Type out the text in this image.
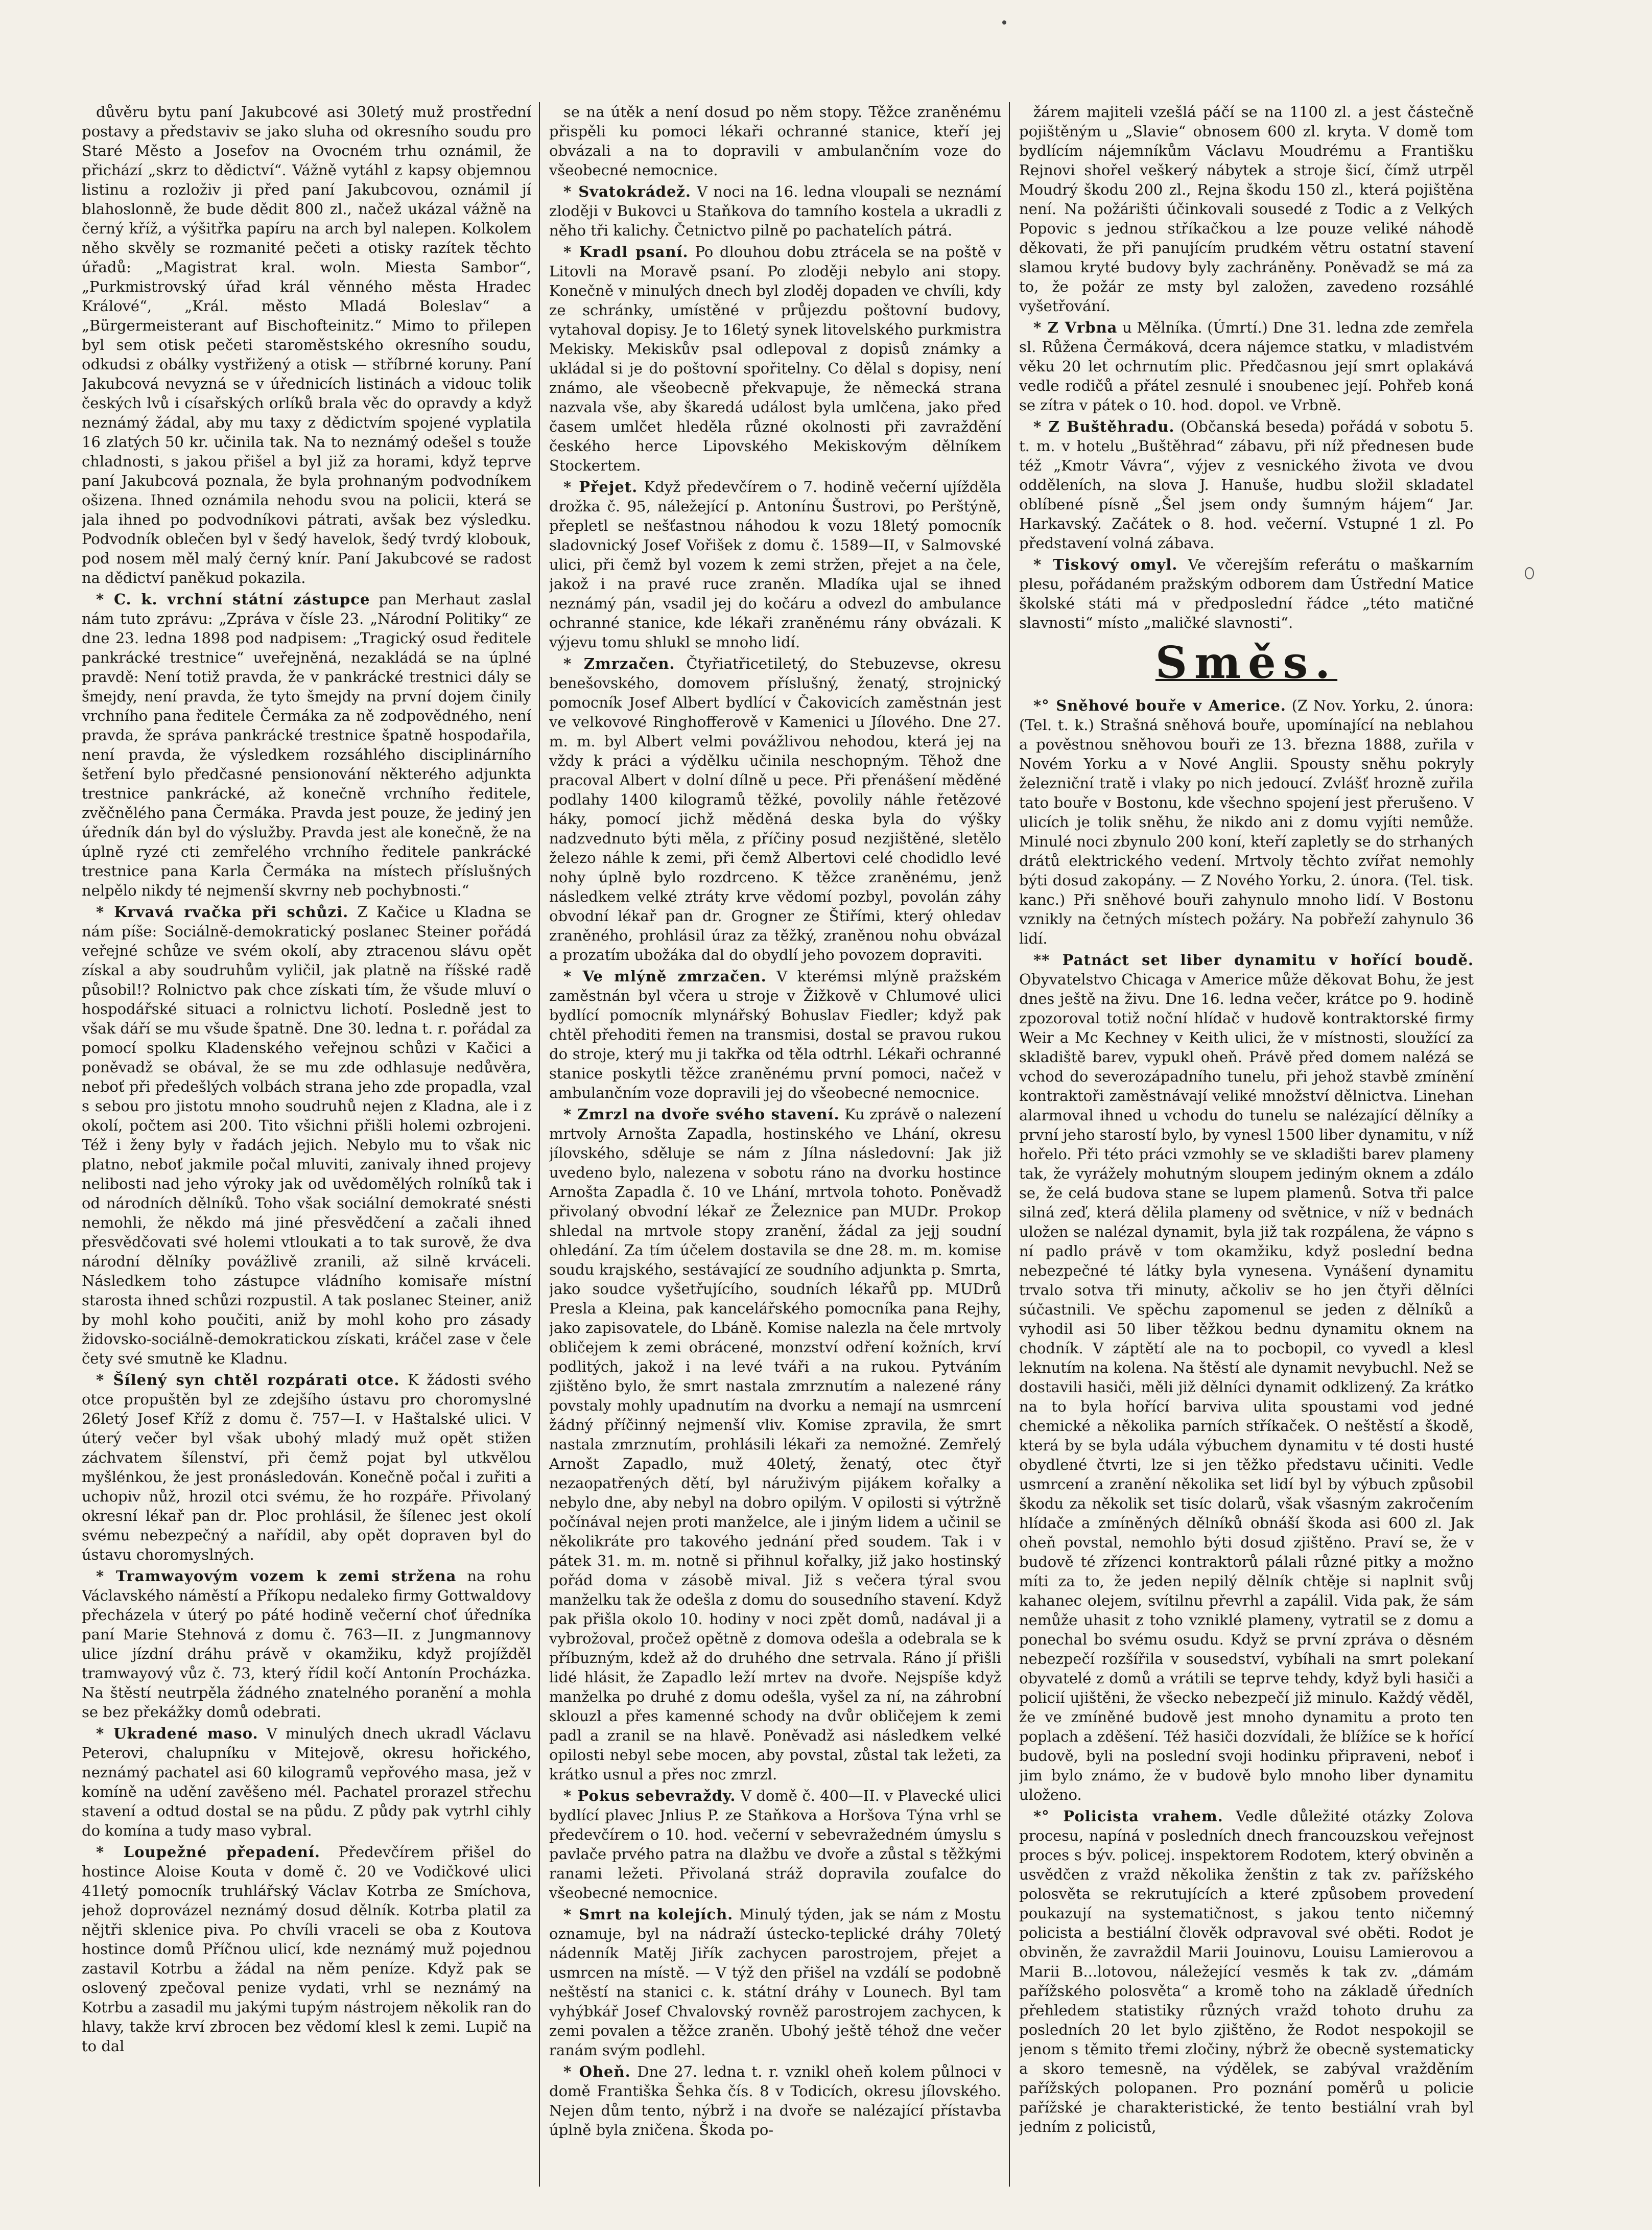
důvěru bytu paní Jakubcové asi 30letý muž prostřední postavy a představiv se jako sluha od okresního soudu pro Staré Město a Josefov na Ovocném trhu oznámil, že přichází „skrz to dědictví“. Vážně vytáhl z kapsy objemnou listinu a rozloživ ji před paní Jakubcovou, oznámil jí blahoslonně, že bude dědit 800 zl., načež ukázal vážně na černý kříž, a výšitřka papíru na arch byl nalepen. Kolkolem něho skvěly se rozmanité pečeti a otisky razítek těchto úřadů: „Magistrat kral. woln. Miesta Sambor“, „Purkmistrovský úřad král věnného města Hradec Králové“, „Král. město Mladá Boleslav“ a „Bürgermeisterant auf Bischofteinitz.“ Mimo to přilepen byl sem otisk pečeti staroměstského okresního soudu, odkudsi z obálky vystřižený a otisk — stříbrné koruny. Paní Jakubcová nevyzná se v úřednicích listinách a vidouc tolik českých lvů i císařských orlíků brala věc do opravdy a když neznámý žádal, aby mu taxy z dědictvím spojené vyplatila 16 zlatých 50 kr. učinila tak. Na to neznámý odešel s touže chladnosti, s jakou přišel a byl již za horami, když teprve paní Jakubcová poznala, že byla prohnaným podvodníkem ošizena. Ihned oznámila nehodu svou na policii, která se jala ihned po podvodníkovi pátrati, avšak bez výsledku. Podvodník oblečen byl v šedý havelok, šedý tvrdý klobouk, pod nosem měl malý černý knír. Paní Jakubcové se radost na dědictví paněkud pokazila.

* C. k. vrchní státní zástupce pan Merhaut zaslal nám tuto zprávu: „Zpráva v čísle 23. „Národní Politiky“ ze dne 23. ledna 1898 pod nadpisem: „Tragický osud ředitele pankrácké trestnice“ uveřejněná, nezakládá se na úplné pravdě: Není totiž pravda, že v pankrácké trestnici dály se šmejdy, není pravda, že tyto šmejdy na první dojem činily vrchního pana ředitele Čermáka za ně zodpovědného, není pravda, že správa pankrácké trestnice špatně hospodařila, není pravda, že výsledkem rozsáhlého disciplinárního šetření bylo předčasné pensionování některého adjunkta trestnice pankrácké, až konečně vrchního ředitele, zvěčnělého pana Čermáka. Pravda jest pouze, že jediný jen úředník dán byl do výslužby. Pravda jest ale konečně, že na úplně ryzé cti zemřelého vrchního ředitele pankrácké trestnice pana Karla Čermáka na místech příslušných nelpělo nikdy té nejmenší skvrny neb pochybnosti.“

* Krvavá rvačka při schůzi. Z Kačice u Kladna se nám píše: Sociálně-demokratický poslanec Steiner pořádá veřejné schůze ve svém okolí, aby ztracenou slávu opět získal a aby soudruhům vyličil, jak platně na říšské radě působil!? Rolnictvo pak chce získati tím, že všude mluví o hospodářské situaci a rolnictvu lichotí. Posledně jest to však dáří se mu všude špatně. Dne 30. ledna t. r. pořádal za pomocí spolku Kladenského veřejnou schůzi v Kačici a poněvadž se obával, že se mu zde odhlasuje nedůvěra, neboť při předešlých volbách strana jeho zde propadla, vzal s sebou pro jistotu mnoho soudruhů nejen z Kladna, ale i z okolí, počtem asi 200. Tito všichni přišli holemi ozbrojeni. Též i ženy byly v řadách jejich. Nebylo mu to však nic platno, neboť jakmile počal mluviti, zanivaly ihned projevy nelibosti nad jeho výroky jak od uvědomělých rolníků tak i od národních dělníků. Toho však sociální demokraté snésti nemohli, že někdo má jiné přesvědčení a začali ihned přesvědčovati své holemi vtloukati a to tak surově, že dva národní dělníky povážlivě zranili, až silně krváceli. Následkem toho zástupce vládního komisaře místní starosta ihned schůzi rozpustil. A tak poslanec Steiner, aniž by mohl koho poučiti, aniž by mohl koho pro zásady židovsko-sociálně-demokratickou získati, kráčel zase v čele čety své smutně ke Kladnu.

* Šílený syn chtěl rozpárati otce. K žádosti svého otce propuštěn byl ze zdejšího ústavu pro choromyslné 26letý Josef Kříž z domu č. 757—I. v Haštalské ulici. V úterý večer byl však ubohý mladý muž opět stižen záchvatem šílenství, při čemž pojat byl utkvělou myšlénkou, že jest pronásledován. Konečně počal i zuřiti a uchopiv nůž, hrozil otci svému, že ho rozpáře. Přivolaný okresní lékař pan dr. Ploc prohlásil, že šílenec jest okolí svému nebezpečný a nařídil, aby opět dopraven byl do ústavu choromyslných.

* Tramwayovým vozem k zemi stržena na rohu Václavského náměstí a Příkopu nedaleko firmy Gottwaldovy přecházela v úterý po páté hodině večerní choť úředníka paní Marie Stehnová z domu č. 763—II. z Jungmannovy ulice jízdní dráhu právě v okamžiku, když projížděl tramwayový vůz č. 73, který řídil kočí Antonín Procházka. Na štěstí neutrpěla žádného znatelného poranění a mohla se bez překážky domů odebrati.

* Ukradené maso. V minulých dnech ukradl Václavu Peterovi, chalupníku v Mitejově, okresu hořického, neznámý pachatel asi 60 kilogramů vepřového masa, jež v komíně na udění zavěšeno mél. Pachatel prorazel střechu stavení a odtud dostal se na půdu. Z půdy pak vytrhl cihly do komína a tudy maso vybral.

* Loupežné přepadení. Předevčírem přišel do hostince Aloise Kouta v domě č. 20 ve Vodičkové ulici 41letý pomocník truhlářský Václav Kotrba ze Smíchova, jehož doprovázel neznámý dosud dělník. Kotrba platil za nějtři sklenice piva. Po chvíli vraceli se oba z Koutova hostince domů Příčnou ulicí, kde neznámý muž pojednou zastavil Kotrbu a žádal na něm peníze. Když pak se oslovený zpečoval penize vydati, vrhl se neznámý na Kotrbu a zasadil mu jakými tupým nástrojem několik ran do hlavy, takže krví zbrocen bez vědomí klesl k zemi. Lupič na to dal

se na útěk a není dosud po něm stopy. Těžce zraněnému přispěli ku pomoci lékaři ochranné stanice, kteří jej obvázali a na to dopravili v ambulančním voze do všeobecné nemocnice.

* Svatokrádež. V noci na 16. ledna vloupali se neznámí zloději v Bukovci u Staňkova do tamního kostela a ukradli z něho tři kalichy. Četnictvo pilně po pachatelích pátrá.

* Kradl psaní. Po dlouhou dobu ztrácela se na poště v Litovli na Moravě psaní. Po zloději nebylo ani stopy. Konečně v minulých dnech byl zloděj dopaden ve chvíli, kdy ze schránky, umístěné v průjezdu poštovní budovy, vytahoval dopisy. Je to 16letý synek litovelského purkmistra Mekisky. Mekiskův psal odlepoval z dopisů známky a ukládal si je do poštovní spořitelny. Co dělal s dopisy, není známo, ale všeobecně překvapuje, že německá strana nazvala vše, aby škaredá událost byla umlčena, jako před časem umlčet hleděla různé okolnosti při zavraždění českého herce Lipovského Mekiskovým dělníkem Stockertem.

* Přejet. Když předevčírem o 7. hodině večerní ujížděla drožka č. 95, náležející p. Antonínu Šustrovi, po Perštýně, přepletl se nešťastnou náhodou k vozu 18letý pomocník sladovnický Josef Vořišek z domu č. 1589—II, v Salmovské ulici, při čemž byl vozem k zemi stržen, přejet a na čele, jakož i na pravé ruce zraněn. Mladíka ujal se ihned neznámý pán, vsadil jej do kočáru a odvezl do ambulance ochranné stanice, kde lékaři zraněnému rány obvázali. K výjevu tomu shlukl se mnoho lidí.

* Zmrzačen. Čtyřiatřicetiletý, do Stebuzevse, okresu benešovského, domovem příslušný, ženatý, strojnický pomocník Josef Albert bydlící v Čakovicích zaměstnán jest ve velkovové Ringhofferově v Kamenici u Jílového. Dne 27. m. m. byl Albert velmi povážlivou nehodou, která jej na vždy k práci a výdělku učinila neschopným. Těhož dne pracoval Albert v dolní dílně u pece. Při přenášení měděné podlahy 1400 kilogramů těžké, povolily náhle řetězové háky, pomocí jichž měděná deska byla do výšky nadzvednuto býti měla, z příčiny posud nezjištěné, sletělo železo náhle k zemi, při čemž Albertovi celé chodidlo levé nohy úplně bylo rozdrceno. K těžce zraněnému, jenž následkem velké ztráty krve vědomí pozbyl, povolán záhy obvodní lékař pan dr. Grogner ze Štiřími, který ohledav zraněného, prohlásil úraz za těžký, zraněnou nohu obvázal a prozatím ubožáka dal do obydlí jeho povozem dopraviti.

* Ve mlýně zmrzačen. V kterémsi mlýně pražském zaměstnán byl včera u stroje v Žižkově v Chlumové ulici bydlící pomocník mlynářský Bohuslav Fiedler; když pak chtěl přehoditi řemen na transmisi, dostal se pravou rukou do stroje, který mu ji takřka od těla odtrhl. Lékaři ochranné stanice poskytli těžce zraněnému první pomoci, načež v ambulančním voze dopravili jej do všeobecné nemocnice.

* Zmrzl na dvoře svého stavení. Ku zprávě o nalezení mrtvoly Arnošta Zapadla, hostinského ve Lhání, okresu jílovského, sděluje se nám z Jílna následovní: Jak již uvedeno bylo, nalezena v sobotu ráno na dvorku hostince Arnošta Zapadla č. 10 ve Lhání, mrtvola tohoto. Poněvadž přivolaný obvodní lékař ze Železnice pan MUDr. Prokop shledal na mrtvole stopy zranění, žádal za jejj soudní ohledání. Za tím účelem dostavila se dne 28. m. m. komise soudu krajského, sestávající ze soudního adjunkta p. Smrta, jako soudce vyšetřujícího, soudních lékařů pp. MUDrů Presla a Kleina, pak kancelářského pomocníka pana Rejhy, jako zapisovatele, do Lbáně. Komise nalezla na čele mrtvoly obličejem k zemi obrácené, monzství odření kožních, krví podlitých, jakož i na levé tváři a na rukou. Pytváním zjištěno bylo, že smrt nastala zmrznutím a nalezené rány povstaly mohly upadnutím na dvorku a nemají na usmrcení žádný příčinný nejmenší vliv. Komise zpravila, že smrt nastala zmrznutím, prohlásili lékaři za nemožné. Zemřelý Arnošt Zapadlo, muž 40letý, ženatý, otec čtyř nezaopatřených dětí, byl náruživým pijákem kořalky a nebylo dne, aby nebyl na dobro opilým. V opilosti si výtržně počínával nejen proti manželce, ale i jiným lidem a učinil se několikráte pro takového jednání před soudem. Tak i v pátek 31. m. m. notně si přihnul kořalky, již jako hostinský pořád doma v zásobě mival. Již s večera týral svou manželku tak že odešla z domu do sousedního stavení. Když pak přišla okolo 10. hodiny v noci zpět domů, nadával ji a vybrožoval, pročež opětně z domova odešla a odebrala se k příbuzným, kdež až do druhého dne setrvala. Ráno jí přišli lidé hlásit, že Zapadlo leží mrtev na dvoře. Nejspíše když manželka po druhé z domu odešla, vyšel za ní, na záhrobní sklouzl a přes kamenné schody na dvůr obličejem k zemi padl a zranil se na hlavě. Poněvadž asi následkem velké opilosti nebyl sebe mocen, aby povstal, zůstal tak ležeti, za krátko usnul a přes noc zmrzl.

* Pokus sebevraždy. V domě č. 400—II. v Plavecké ulici bydlící plavec Jnlius P. ze Staňkova a Horšova Týna vrhl se předevčírem o 10. hod. večerní v sebevražedném úmyslu s pavlače prvého patra na dlažbu ve dvoře a zůstal s těžkými ranami ležeti. Přivolaná stráž dopravila zoufalce do všeobecné nemocnice.

* Smrt na kolejích. Minulý týden, jak se nám z Mostu oznamuje, byl na nádraží ústecko-teplické dráhy 70letý nádenník Matěj Jiřík zachycen parostrojem, přejet a usmrcen na místě. — V týž den přišel na vzdálí se podobně neštěstí na stanici c. k. státní dráhy v Lounech. Byl tam vyhýbkář Josef Chvalovský rovněž parostrojem zachycen, k zemi povalen a těžce zraněn. Ubohý ještě téhož dne večer ranám svým podlehl.

* Oheň. Dne 27. ledna t. r. vznikl oheň kolem půlnoci v domě Františka Šehka čís. 8 v Todicích, okresu jílovského. Nejen dům tento, nýbrž i na dvoře se nalézající přístavba úplně byla zničena. Škoda po-

žárem majiteli vzešlá páčí se na 1100 zl. a jest částečně pojištěným u „Slavie“ obnosem 600 zl. kryta. V domě tom bydlícím nájemníkům Václavu Moudrému a Františku Rejnovi shořel veškerý nábytek a stroje šicí, čímž utrpěl Moudrý škodu 200 zl., Rejna škodu 150 zl., která pojištěna není. Na požárišti účinkovali sousedé z Todic a z Velkých Popovic s jednou stříkačkou a lze pouze veliké náhodě děkovati, že při panujícím prudkém větru ostatní stavení slamou kryté budovy byly zachráněny. Poněvadž se má za to, že požár ze msty byl založen, zavedeno rozsáhlé vyšetřování.

* Z Vrbna u Mělníka. (Úmrtí.) Dne 31. ledna zde zemřela sl. Růžena Čermáková, dcera nájemce statku, v mladistvém věku 20 let ochrnutím plic. Předčasnou její smrt oplakává vedle rodičů a přátel zesnulé i snoubenec její. Pohřeb koná se zítra v pátek o 10. hod. dopol. ve Vrbně.

* Z Buštěhradu. (Občanská beseda) pořádá v sobotu 5. t. m. v hotelu „Buštěhrad“ zábavu, při níž přednesen bude též „Kmotr Vávra“, výjev z vesnického života ve dvou odděleních, na slova J. Hanuše, hudbu složil skladatel oblíbené písně „Šel jsem ondy šumným hájem“ Jar. Harkavský. Začátek o 8. hod. večerní. Vstupné 1 zl. Po představení volná zábava.

* Tiskový omyl. Ve včerejším referátu o maškarním plesu, pořádaném pražským odborem dam Ústřední Matice školské státi má v předposlední řádce „této matičné slavnosti“ místo „maličké slavnosti“.

Směs.
*° Sněhové bouře v Americe. (Z Nov. Yorku, 2. února: (Tel. t. k.) Strašná sněhová bouře, upomínající na neblahou a pověstnou sněhovou bouři ze 13. března 1888, zuřila v Novém Yorku a v Nové Anglii. Spousty sněhu pokryly železniční tratě i vlaky po nich jedoucí. Zvlášť hrozně zuřila tato bouře v Bostonu, kde všechno spojení jest přerušeno. V ulicích je tolik sněhu, že nikdo ani z domu vyjíti nemůže. Minulé noci zbynulo 200 koní, kteří zapletly se do strhaných drátů elektrického vedení. Mrtvoly těchto zvířat nemohly býti dosud zakopány. — Z Nového Yorku, 2. února. (Tel. tisk. kanc.) Při sněhové bouři zahynulo mnoho lidí. V Bostonu vznikly na četných místech požáry. Na pobřeží zahynulo 36 lidí.

** Patnáct set liber dynamitu v hořící boudě.

Obyvatelstvo Chicaga v Americe může děkovat Bohu, že jest dnes ještě na živu. Dne 16. ledna večer, krátce po 9. hodině zpozoroval totiž noční hlídač v hudově kontraktorské firmy Weir a Mc Kechney v Keith ulici, že v místnosti, sloužící za skladiště barev, vypukl oheň. Právě před domem nalézá se vchod do severozápadního tunelu, při jehož stavbě zmínění kontraktoři zaměstnávají veliké množství dělnictva. Linehan alarmoval ihned u vchodu do tunelu se nalézající dělníky a první jeho starostí bylo, by vynesl 1500 liber dynamitu, v níž hořelo. Při této práci vzmohly se ve skladišti barev plameny tak, že vyrážely mohutným sloupem jediným oknem a zdálo se, že celá budova stane se lupem plamenů. Sotva tři palce silná zeď, která dělila plameny od světnice, v níž v bednách uložen se nalézal dynamit, byla již tak rozpálena, že vápno s ní padlo právě v tom okamžiku, když poslední bedna nebezpečné té látky byla vynesena. Vynášení dynamitu trvalo sotva tři minuty, ačkoliv se ho jen čtyři dělníci súčastnili. Ve spěchu zapomenul se jeden z dělníků a vyhodil asi 50 liber těžkou bednu dynamitu oknem na chodník. V záptětí ale na to pocbopil, co vyvedl a klesl leknutím na kolena. Na štěstí ale dynamit nevybuchl. Než se dostavili hasiči, měli již dělníci dynamit odklizený. Za krátko na to byla hořící barviva ulita spoustami vod jedné chemické a několika parních stříkaček. O neštěstí a škodě, která by se byla udála výbuchem dynamitu v té dosti husté obydlené čtvrti, lze si jen těžko představu učiniti. Vedle usmrcení a zranění několika set lidí byl by výbuch způsobil škodu za několik set tisíc dolarů, však všasným zakročením hlídače a zmíněných dělníků obnáší škoda asi 600 zl. Jak oheň povstal, nemohlo býti dosud zjištěno. Praví se, že v budově té zřízenci kontraktorů pálali různé pitky a možno míti za to, že jeden nepilý dělník chtěje si naplnit svůj kahanec olejem, svítilnu převrhl a zapálil. Vida pak, že sám nemůže uhasit z toho vzniklé plameny, vytratil se z domu a ponechal bo svému osudu. Když se první zpráva o děsném nebezpečí rozšířila v sousedství, vybíhali na smrt polekaní obyvatelé z domů a vrátili se teprve tehdy, když byli hasiči a policií ujištěni, že všecko nebezpečí již minulo. Každý věděl, že ve zmíněné budově jest mnoho dynamitu a proto ten poplach a zděšení. Též hasiči dozvídali, že blížíce se k hořící budově, byli na poslední svoji hodinku připraveni, neboť i jim bylo známo, že v budově bylo mnoho liber dynamitu uloženo.

*° Policista vrahem. Vedle důležité otázky Zolova procesu, napíná v posledních dnech francouzskou veřejnost proces s býv. policej. inspektorem Rodotem, který obviněn a usvědčen z vražd několika ženštin z tak zv. pařížského polosvěta se rekrutujících a které způsobem provedení poukazují na systematičnost, s jakou tento ničemný policista a bestiální člověk odpravoval své oběti. Rodot je obviněn, že zavraždil Marii Jouinovu, Louisu Lamierovou a Marii B...lotovou, náležející vesměs k tak zv. „dámám pařížského polosvěta“ a kromě toho na základě úředních přehledem statistiky různých vražd tohoto druhu za posledních 20 let bylo zjištěno, že Rodot nespokojil se jenom s těmito třemi zločiny, nýbrž že obecně systematicky a skoro temesně, na výdělek, se zabýval vražděním pařížských polopanen. Pro poznání poměrů u policie pařížské je charakteristické, že tento bestiální vrah byl jedním z policistů,
